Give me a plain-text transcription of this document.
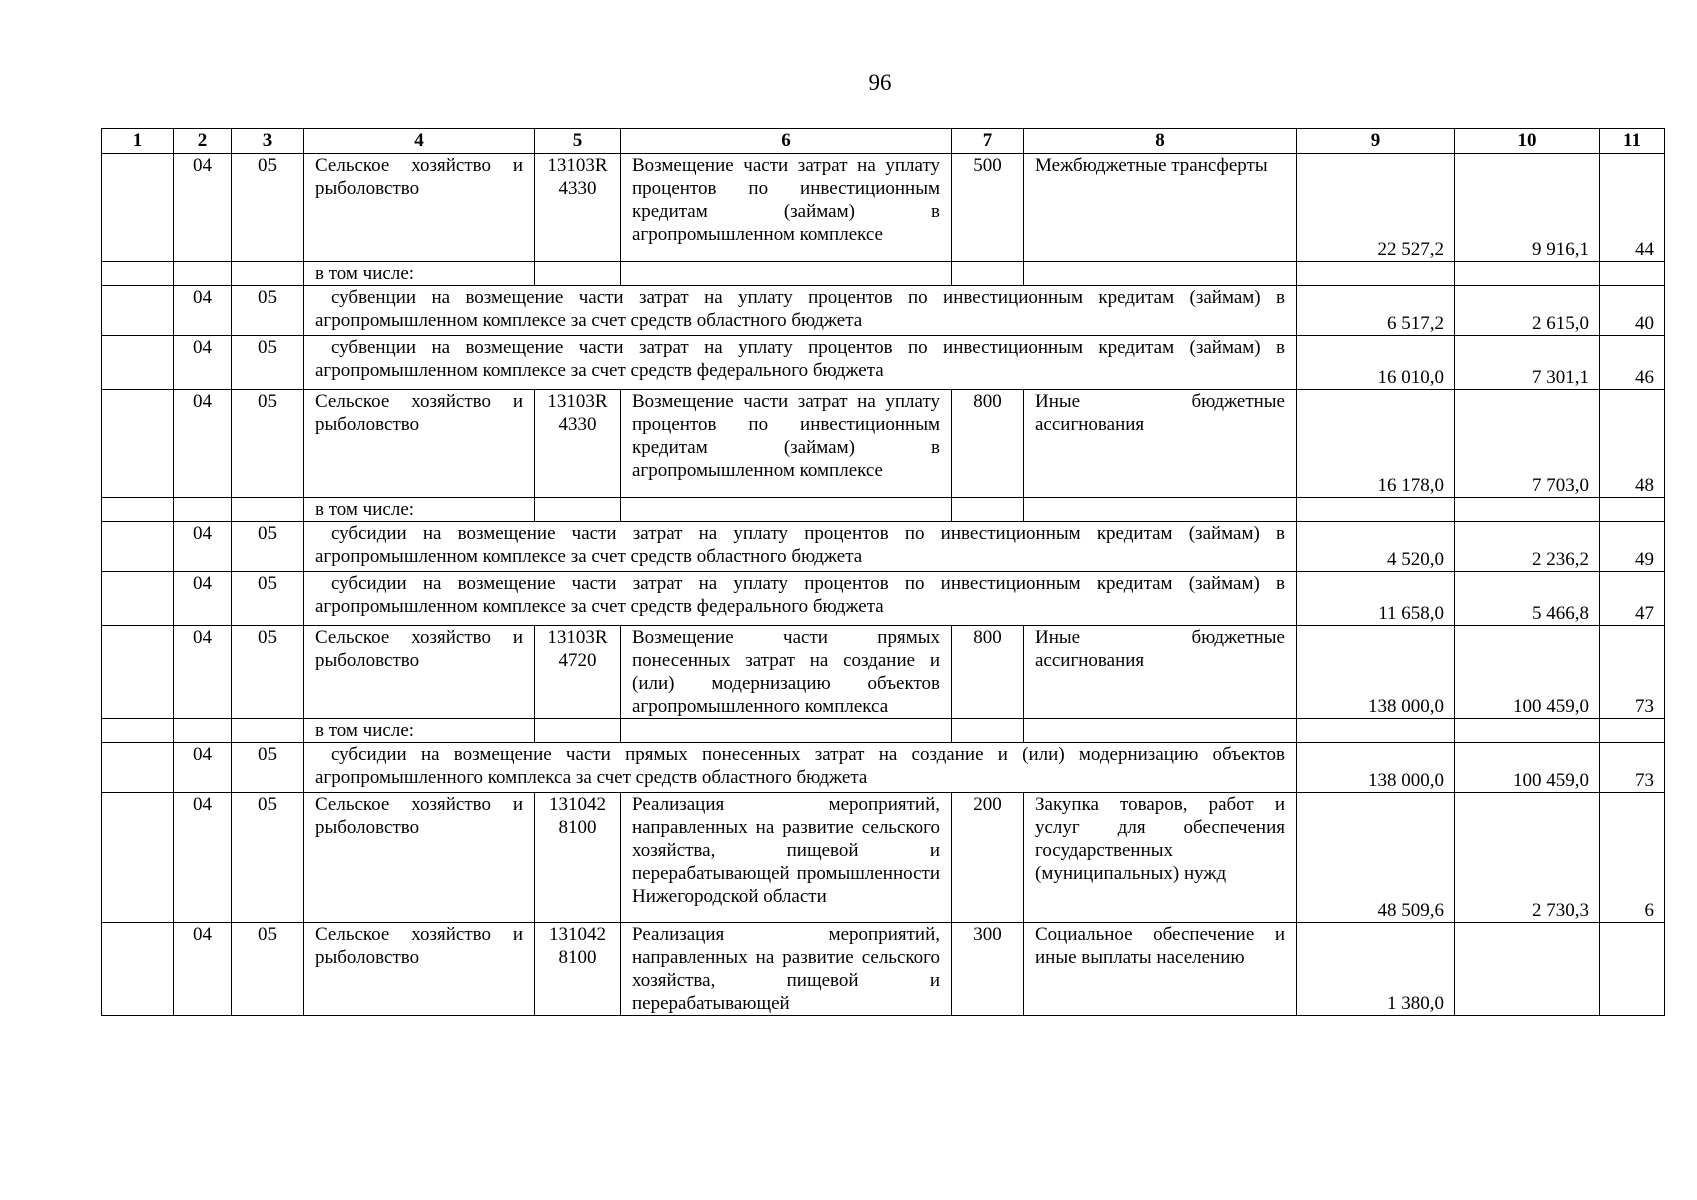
96
1	2	3	4	5	6	7	8	9	10	11
	04	05	Сельское хозяйство и рыболовство	13103R 4330	Возмещение части затрат на уплату процентов по инвестиционным кредитам (займам) в агропромышленном комплексе	500	Межбюджетные трансферты	22 527,2	9 916,1	44
			в том числе:							
	04	05	субвенции на возмещение части затрат на уплату процентов по инвестиционным кредитам (займам) в агропромышленном комплексе за счет средств областного бюджета					6 517,2	2 615,0	40
	04	05	субвенции на возмещение части затрат на уплату процентов по инвестиционным кредитам (займам) в агропромышленном комплексе за счет средств федерального бюджета					16 010,0	7 301,1	46
	04	05	Сельское хозяйство и рыболовство	13103R 4330	Возмещение части затрат на уплату процентов по инвестиционным кредитам (займам) в агропромышленном комплексе	800	Иные бюджетные ассигнования	16 178,0	7 703,0	48
			в том числе:							
	04	05	субсидии на возмещение части затрат на уплату процентов по инвестиционным кредитам (займам) в агропромышленном комплексе за счет средств областного бюджета					4 520,0	2 236,2	49
	04	05	субсидии на возмещение части затрат на уплату процентов по инвестиционным кредитам (займам) в агропромышленном комплексе за счет средств федерального бюджета					11 658,0	5 466,8	47
	04	05	Сельское хозяйство и рыболовство	13103R 4720	Возмещение части прямых понесенных затрат на создание и (или) модернизацию объектов агропромышленного комплекса	800	Иные бюджетные ассигнования	138 000,0	100 459,0	73
			в том числе:							
	04	05	субсидии на возмещение части прямых понесенных затрат на создание и (или) модернизацию объектов агропромышленного комплекса за счет средств областного бюджета					138 000,0	100 459,0	73
	04	05	Сельское хозяйство и рыболовство	131042 8100	Реализация мероприятий, направленных на развитие сельского хозяйства, пищевой и перерабатывающей промышленности Нижегородской области	200	Закупка товаров, работ и услуг для обеспечения государственных (муниципальных) нужд	48 509,6	2 730,3	6
	04	05	Сельское хозяйство и рыболовство	131042 8100	Реализация мероприятий, направленных на развитие сельского хозяйства, пищевой и перерабатывающей	300	Социальное обеспечение и иные выплаты населению	1 380,0		
